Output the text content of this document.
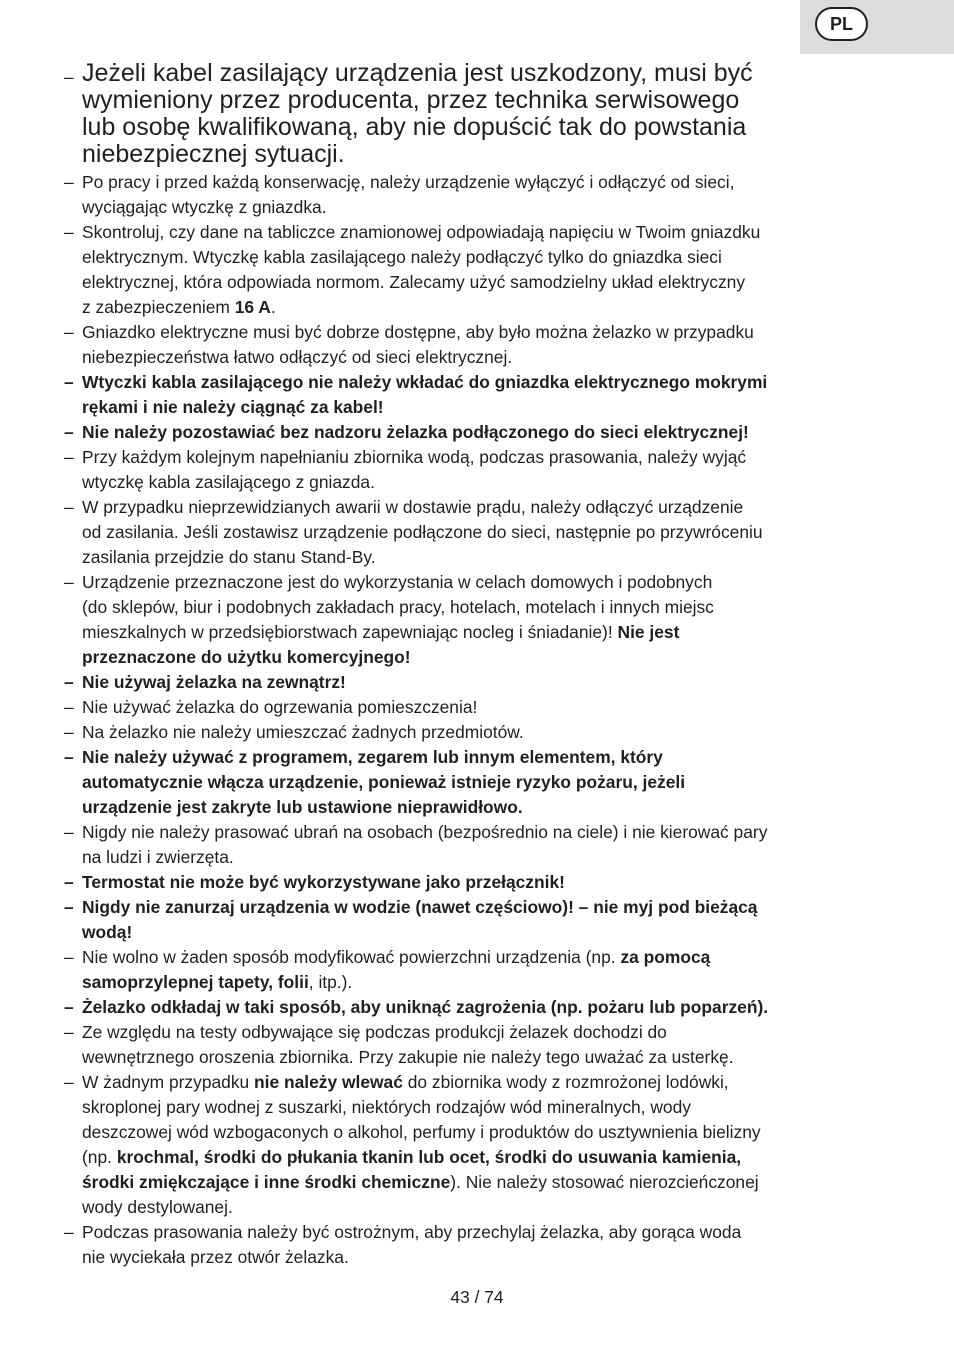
PL
– Jeżeli kabel zasilający urządzenia jest uszkodzony, musi być
wymieniony przez producenta, przez technika serwisowego
lub osobę kwalifikowaną, aby nie dopuścić tak do powstania
niebezpiecznej sytuacji.
– Po pracy i przed każdą konserwację, należy urządzenie wyłączyć i odłączyć od sieci,
wyciągając wtyczkę z gniazdka.
– Skontroluj, czy dane na tabliczce znamionowej odpowiadają napięciu w Twoim gniazdku
elektrycznym. Wtyczkę kabla zasilającego należy podłączyć tylko do gniazdka sieci
elektrycznej, która odpowiada normom. Zalecamy użyć samodzielny układ elektryczny
z zabezpieczeniem 16 A.
– Gniazdko elektryczne musi być dobrze dostępne, aby było można żelazko w przypadku
niebezpieczeństwa łatwo odłączyć od sieci elektrycznej.
– Wtyczki kabla zasilającego nie należy wkładać do gniazdka elektrycznego mokrymi
rękami i nie należy ciągnąć za kabel!
– Nie należy pozostawiać bez nadzoru żelazka podłączonego do sieci elektrycznej!
– Przy każdym kolejnym napełnianiu zbiornika wodą, podczas prasowania, należy wyjąć
wtyczkę kabla zasilającego z gniazda.
– W przypadku nieprzewidzianych awarii w dostawie prądu, należy odłączyć urządzenie
od zasilania. Jeśli zostawisz urządzenie podłączone do sieci, następnie po przywróceniu
zasilania przejdzie do stanu Stand-By.
– Urządzenie przeznaczone jest do wykorzystania w celach domowych i podobnych
(do sklepów, biur i podobnych zakładach pracy, hotelach, motelach i innych miejsc
mieszkalnych w przedsiębiorstwach zapewniając nocleg i śniadanie)! Nie jest
przeznaczone do użytku komercyjnego!
– Nie używaj żelazka na zewnątrz!
– Nie używać żelazka do ogrzewania pomieszczenia!
– Na żelazko nie należy umieszczać żadnych przedmiotów.
– Nie należy używać z programem, zegarem lub innym elementem, który
automatycznie włącza urządzenie, ponieważ istnieje ryzyko pożaru, jeżeli
urządzenie jest zakryte lub ustawione nieprawidłowo.
– Nigdy nie należy prasować ubrań na osobach (bezpośrednio na ciele) i nie kierować pary
na ludzi i zwierzęta.
– Termostat nie może być wykorzystywane jako przełącznik!
– Nigdy nie zanurzaj urządzenia w wodzie (nawet częściowo)! – nie myj pod bieżącą
wodą!
– Nie wolno w żaden sposób modyfikować powierzchni urządzenia (np. za pomocą
samoprzylepnej tapety, folii, itp.).
– Żelazko odkładaj w taki sposób, aby uniknąć zagrożenia (np. pożaru lub poparzeń).
– Ze względu na testy odbywające się podczas produkcji żelazek dochodzi do
wewnętrznego oroszenia zbiornika. Przy zakupie nie należy tego uważać za usterkę.
– W żadnym przypadku nie należy wlewać do zbiornika wody z rozmrożonej lodówki,
skroplonej pary wodnej z suszarki, niektórych rodzajów wód mineralnych, wody
deszczowej wód wzbogaconych o alkohol, perfumy i produktów do usztywnienia bielizny
(np. krochmal, środki do płukania tkanin lub ocet, środki do usuwania kamienia,
środki zmiękczające i inne środki chemiczne). Nie należy stosować nierozcieńczonej
wody destylowanej.
– Podczas prasowania należy być ostrożnym, aby przechylaj żelazka, aby gorąca woda
nie wyciekała przez otwór żelazka.
43 / 74
